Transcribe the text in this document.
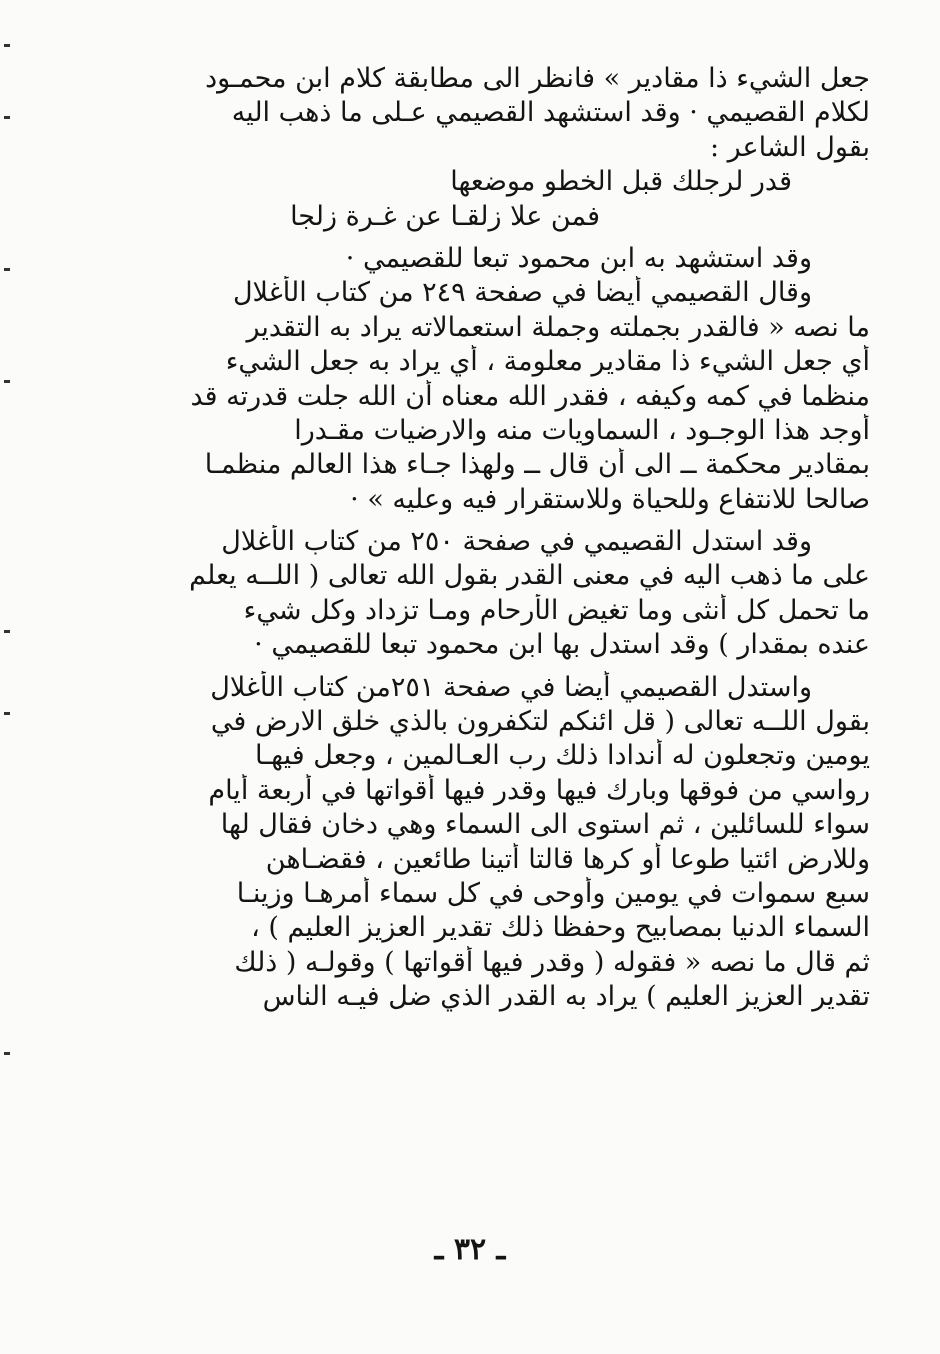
جعل الشيء ذا مقادير » فانظر الى مطابقة كلام ابن محمـود
لكلام القصيمي · وقد استشهد القصيمي عـلى ما ذهب اليه
بقول الشاعر :
قدر لرجلك قبل الخطو موضعها
فمن علا زلقـا عن غـرة زلجا
وقد استشهد به ابن محمود تبعا للقصيمي ·
وقال القصيمي أيضا في صفحة ٢٤٩ من كتاب الأغلال
ما نصه « فالقدر بجملته وجملة استعمالاته يراد به التقدير
أي جعل الشيء ذا مقادير معلومة ، أي يراد به جعل الشيء
منظما في كمه وكيفه ، فقدر الله معناه أن الله جلت قدرته قد
أوجد هذا الوجـود ، السماويات منه والارضيات مقـدرا
بمقادير محكمة ــ الى أن قال ــ ولهذا جـاء هذا العالم منظمـا
صالحا للانتفاع وللحياة وللاستقرار فيه وعليه » ·
وقد استدل القصيمي في صفحة ٢٥٠ من كتاب الأغلال
على ما ذهب اليه في معنى القدر بقول الله تعالى ( اللــه يعلم
ما تحمل كل أنثى وما تغيض الأرحام ومـا تزداد وكل شيء
عنده بمقدار ) وقد استدل بها ابن محمود تبعا للقصيمي ·
واستدل القصيمي أيضا في صفحة ٢٥١من كتاب الأغلال
بقول اللــه تعالى ( قل ائنكم لتكفرون بالذي خلق الارض في
يومين وتجعلون له أندادا ذلك رب العـالمين ، وجعل فيهـا
رواسي من فوقها وبارك فيها وقدر فيها أقواتها في أربعة أيام
سواء للسائلين ، ثم استوى الى السماء وهي دخان فقال لها
وللارض ائتيا طوعا أو كرها قالتا أتينا طائعين ، فقضـاهن
سبع سموات في يومين وأوحى في كل سماء أمرهـا وزينـا
السماء الدنيا بمصابيح وحفظا ذلك تقدير العزيز العليم ) ،
ثم قال ما نصه « فقوله ( وقدر فيها أقواتها ) وقولـه ( ذلك
تقدير العزيز العليم ) يراد به القدر الذي ضل فيـه الناس
ـ ٣٢ ـ
